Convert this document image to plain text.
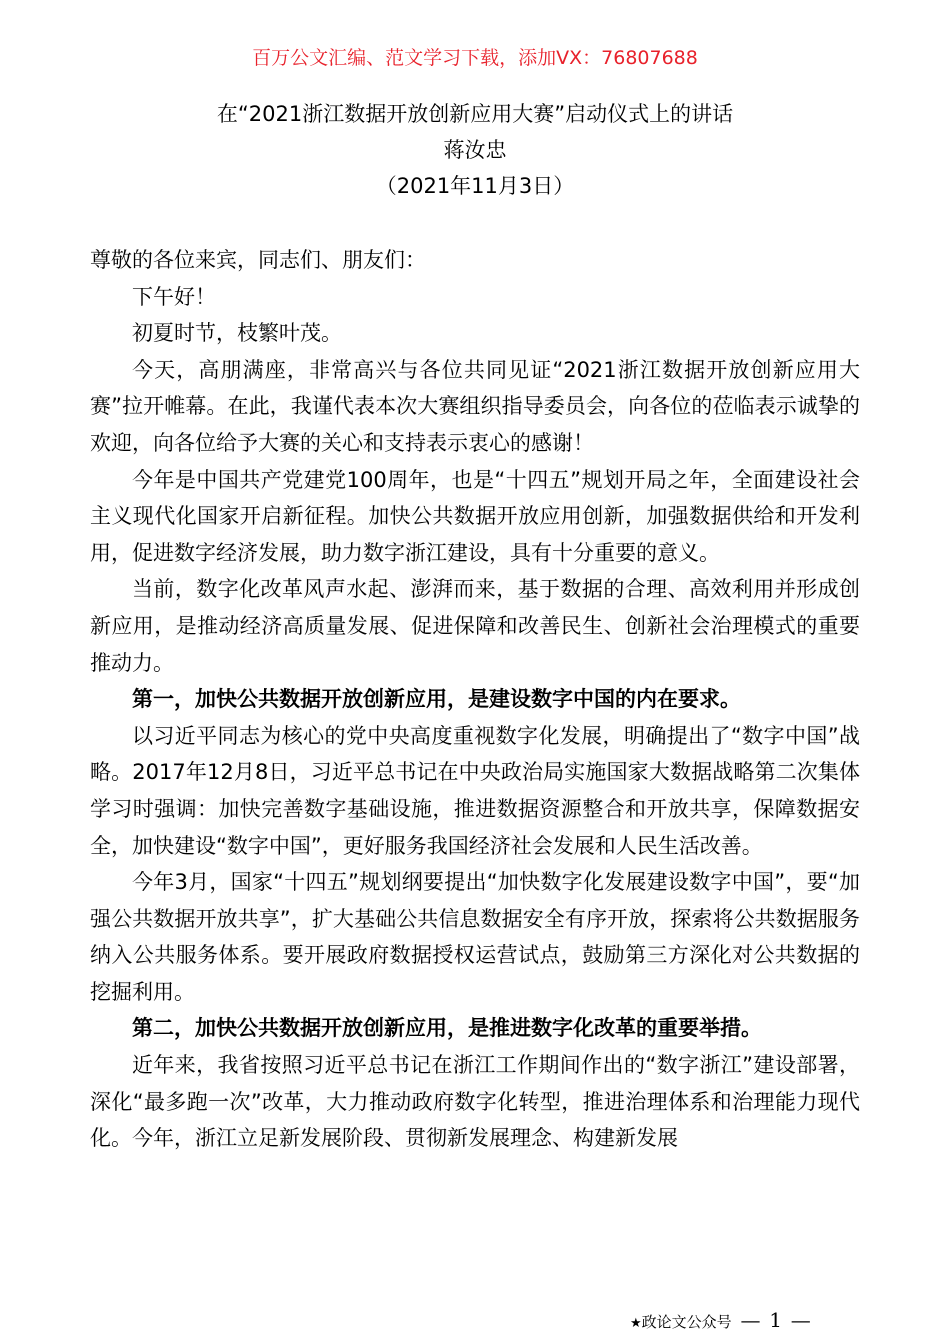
百万公文汇编、范文学习下载，添加VX：76807688
在“2021浙江数据开放创新应用大赛”启动仪式上的讲话
蒋汝忠
（2021年11月3日）

尊敬的各位来宾，同志们、朋友们：

下午好！

初夏时节，枝繁叶茂。

今天，高朋满座，非常高兴与各位共同见证“2021浙江数据开放创新应用大赛”拉开帷幕。在此，我谨代表本次大赛组织指导委员会，向各位的莅临表示诚挚的欢迎，向各位给予大赛的关心和支持表示衷心的感谢！

今年是中国共产党建党100周年，也是“十四五”规划开局之年，全面建设社会主义现代化国家开启新征程。加快公共数据开放应用创新，加强数据供给和开发利用，促进数字经济发展，助力数字浙江建设，具有十分重要的意义。

当前，数字化改革风声水起、澎湃而来，基于数据的合理、高效利用并形成创新应用，是推动经济高质量发展、促进保障和改善民生、创新社会治理模式的重要推动力。

第一，加快公共数据开放创新应用，是建设数字中国的内在要求。

以习近平同志为核心的党中央高度重视数字化发展，明确提出了“数字中国”战略。2017年12月8日，习近平总书记在中央政治局实施国家大数据战略第二次集体学习时强调：加快完善数字基础设施，推进数据资源整合和开放共享，保障数据安全，加快建设“数字中国”，更好服务我国经济社会发展和人民生活改善。

今年3月，国家“十四五”规划纲要提出“加快数字化发展建设数字中国”，要“加强公共数据开放共享”，扩大基础公共信息数据安全有序开放，探索将公共数据服务纳入公共服务体系。要开展政府数据授权运营试点，鼓励第三方深化对公共数据的挖掘利用。

第二，加快公共数据开放创新应用，是推进数字化改革的重要举措。

近年来，我省按照习近平总书记在浙江工作期间作出的“数字浙江”建设部署，深化“最多跑一次”改革，大力推动政府数字化转型，推进治理体系和治理能力现代化。今年，浙江立足新发展阶段、贯彻新发展理念、构建新发展

★政论文公众号 — 1 —
